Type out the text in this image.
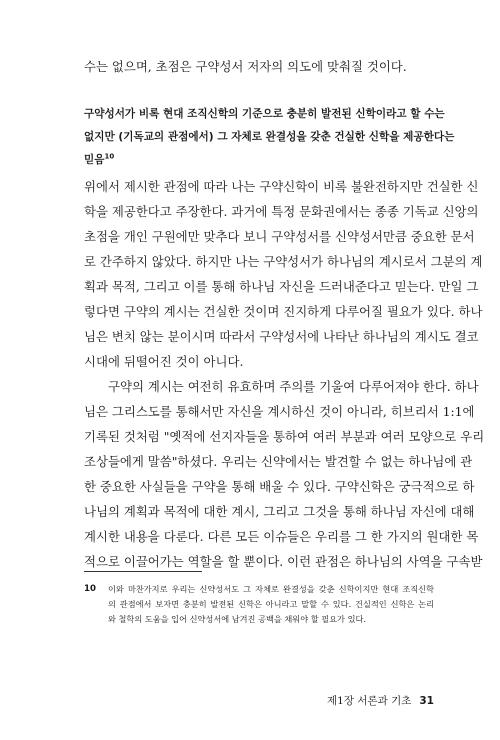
수는 없으며, 초점은 구약성서 저자의 의도에 맞춰질 것이다.
구약성서가 비록 현대 조직신학의 기준으로 충분히 발전된 신학이라고 할 수는
없지만 (기독교의 관점에서) 그 자체로 완결성을 갖춘 건실한 신학을 제공한다는
믿음$^{10}$
위에서 제시한 관점에 따라 나는 구약신학이 비록 불완전하지만 건실한 신
학을 제공한다고 주장한다. 과거에 특정 문화권에서는 종종 기독교 신앙의
초점을 개인 구원에만 맞추다 보니 구약성서를 신약성서만큼 중요한 문서
로 간주하지 않았다. 하지만 나는 구약성서가 하나님의 계시로서 그분의 계
획과 목적, 그리고 이를 통해 하나님 자신을 드러내준다고 믿는다. 만일 그
렇다면 구약의 계시는 건실한 것이며 진지하게 다루어질 필요가 있다. 하나
님은 변치 않는 분이시며 따라서 구약성서에 나타난 하나님의 계시도 결코
시대에 뒤떨어진 것이 아니다.
구약의 계시는 여전히 유효하며 주의를 기울여 다루어져야 한다. 하나
님은 그리스도를 통해서만 자신을 계시하신 것이 아니라, 히브리서 1:1에
기록된 것처럼 "옛적에 선지자들을 통하여 여러 부분과 여러 모양으로 우리
조상들에게 말씀"하셨다. 우리는 신약에서는 발견할 수 없는 하나님에 관
한 중요한 사실들을 구약을 통해 배울 수 있다. 구약신학은 궁극적으로 하
나님의 계획과 목적에 대한 계시, 그리고 그것을 통해 하나님 자신에 대해
계시한 내용을 다룬다. 다른 모든 이슈들은 우리를 그 한 가지의 원대한 목
적으로 이끌어가는 역할을 할 뿐이다. 이런 관점은 하나님의 사역을 구속받
10 이와 마찬가지로 우리는 신약성서도 그 자체로 완결성을 갖춘 신학이지만 현대 조직신학
의 관점에서 보자면 충분히 발전된 신학은 아니라고 말할 수 있다. 건실적인 신학은 논리
와 철학의 도움을 입어 신약성서에 남겨진 공백을 채워야 할 필요가 있다.
제1장 서론과 기초 31
